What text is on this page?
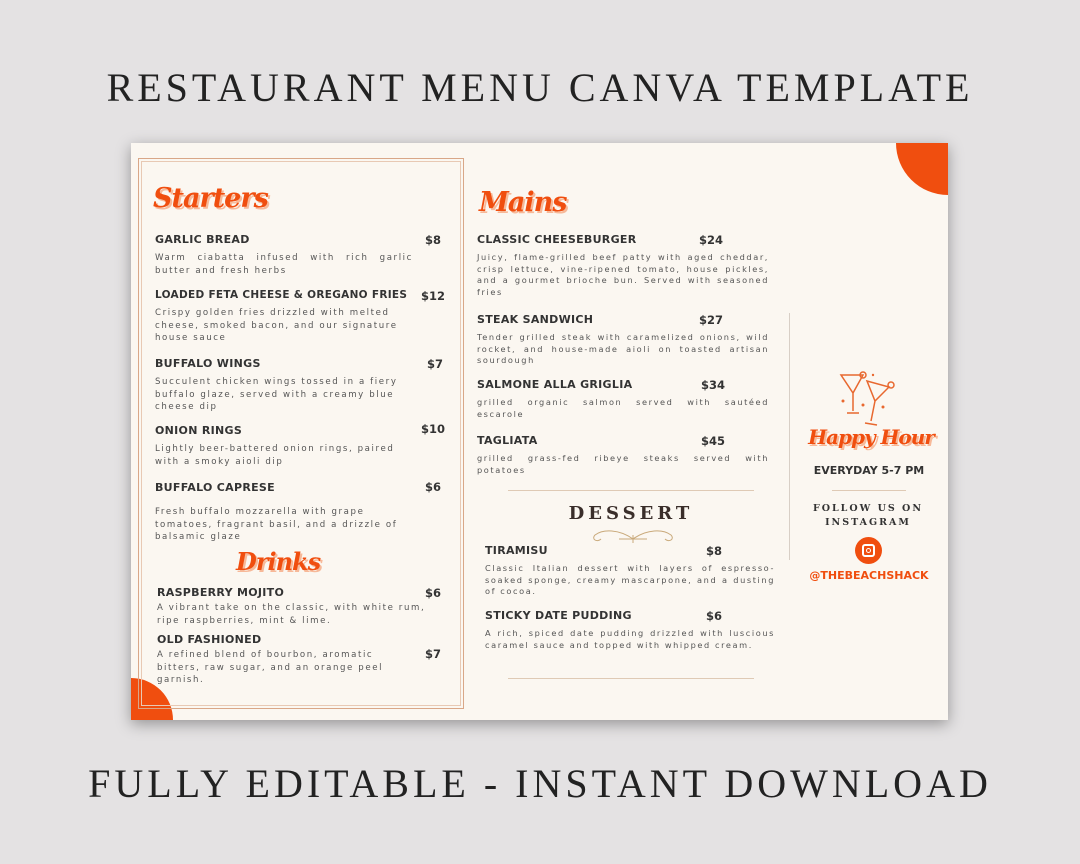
RESTAURANT MENU CANVA TEMPLATE
Starters
GARLIC BREAD	$8
Warm ciabatta infused with rich garlic butter and fresh herbs
LOADED FETA CHEESE & OREGANO FRIES	$12
Crispy golden fries drizzled with melted cheese, smoked bacon, and our signature house sauce
BUFFALO WINGS	$7
Succulent chicken wings tossed in a fiery buffalo glaze, served with a creamy blue cheese dip
ONION RINGS	$10
Lightly beer-battered onion rings, paired with a smoky aioli dip
BUFFALO CAPRESE	$6
Fresh buffalo mozzarella with grape tomatoes, fragrant basil, and a drizzle of balsamic glaze
Drinks
RASPBERRY MOJITO	$6
A vibrant take on the classic, with white rum, ripe raspberries, mint & lime.
OLD FASHIONED
$7
A refined blend of bourbon, aromatic bitters, raw sugar, and an orange peel garnish.
Mains
CLASSIC CHEESEBURGER	$24
Juicy, flame-grilled beef patty with aged cheddar, crisp lettuce, vine-ripened tomato, house pickles, and a gourmet brioche bun. Served with seasoned fries
STEAK SANDWICH	$27
Tender grilled steak with caramelized onions, wild rocket, and house-made aioli on toasted artisan sourdough
SALMONE ALLA GRIGLIA	$34
grilled organic salmon served with sautéed escarole
TAGLIATA	$45
grilled grass-fed ribeye steaks served with potatoes
DESSERT
TIRAMISU	$8
Classic Italian dessert with layers of espresso-soaked sponge, creamy mascarpone, and a dusting of cocoa.
STICKY DATE PUDDING	$6
A rich, spiced date pudding drizzled with luscious caramel sauce and topped with whipped cream.
Happy Hour
EVERYDAY 5-7 PM
FOLLOW US ON INSTAGRAM
@THEBEACHSHACK
FULLY EDITABLE - INSTANT DOWNLOAD
